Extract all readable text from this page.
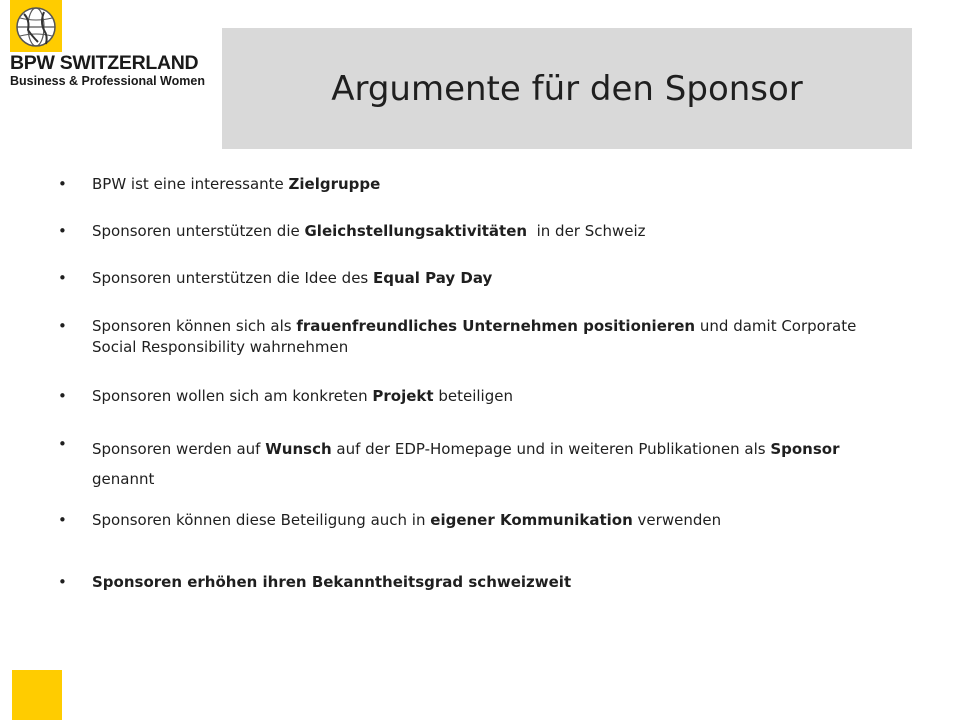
BPW SWITZERLAND
Business & Professional Women	Argumente für den Sponsor
• BPW ist eine interessante Zielgruppe
• Sponsoren unterstützen die Gleichstellungsaktivitäten  in der Schweiz
• Sponsoren unterstützen die Idee des Equal Pay Day
• Sponsoren können sich als frauenfreundliches Unternehmen positionieren und damit Corporate Social Responsibility wahrnehmen
• Sponsoren wollen sich am konkreten Projekt beteiligen
• Sponsoren werden auf Wunsch auf der EDP-Homepage und in weiteren Publikationen als Sponsor genannt
• Sponsoren können diese Beteiligung auch in eigener Kommunikation verwenden
• Sponsoren erhöhen ihren Bekanntheitsgrad schweizweit
